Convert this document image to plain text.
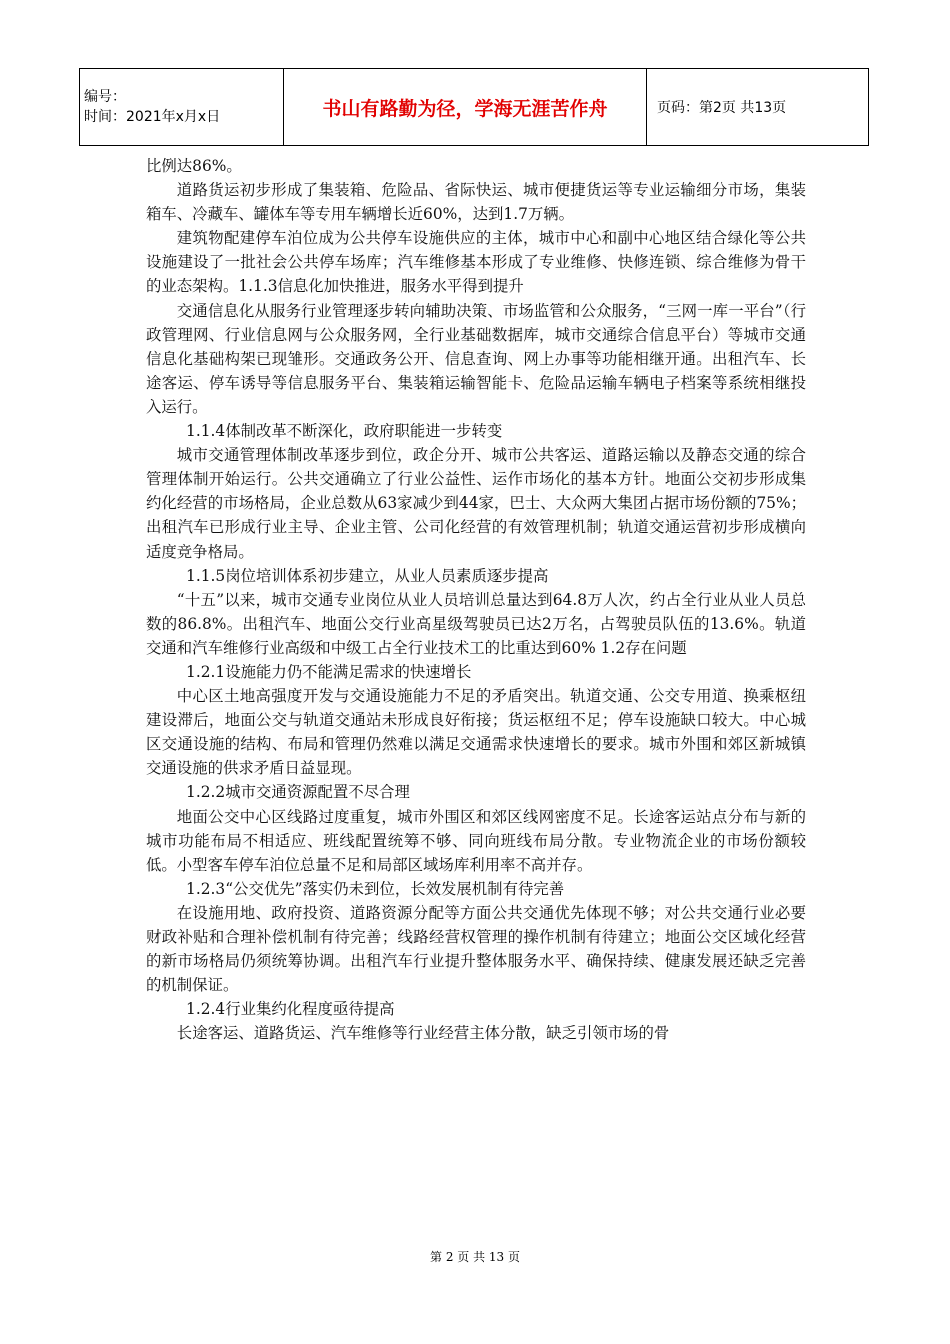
编号：
时间：2021年x月x日	书山有路勤为径，学海无涯苦作舟	页码：第2页 共13页

比例达86%。

道路货运初步形成了集装箱、危险品、省际快运、城市便捷货运等专业运输细分市场，集装箱车、冷藏车、罐体车等专用车辆增长近60%，达到1.7万辆。

建筑物配建停车泊位成为公共停车设施供应的主体，城市中心和副中心地区结合绿化等公共设施建设了一批社会公共停车场库；汽车维修基本形成了专业维修、快修连锁、综合维修为骨干的业态架构。1.1.3信息化加快推进，服务水平得到提升

交通信息化从服务行业管理逐步转向辅助决策、市场监管和公众服务，“三网一库一平台”（行政管理网、行业信息网与公众服务网，全行业基础数据库，城市交通综合信息平台）等城市交通信息化基础构架已现雏形。交通政务公开、信息查询、网上办事等功能相继开通。出租汽车、长途客运、停车诱导等信息服务平台、集装箱运输智能卡、危险品运输车辆电子档案等系统相继投入运行。

1.1.4体制改革不断深化，政府职能进一步转变

城市交通管理体制改革逐步到位，政企分开、城市公共客运、道路运输以及静态交通的综合管理体制开始运行。公共交通确立了行业公益性、运作市场化的基本方针。地面公交初步形成集约化经营的市场格局，企业总数从63家减少到44家，巴士、大众两大集团占据市场份额的75%；出租汽车已形成行业主导、企业主管、公司化经营的有效管理机制；轨道交通运营初步形成横向适度竞争格局。

1.1.5岗位培训体系初步建立，从业人员素质逐步提高

“十五”以来，城市交通专业岗位从业人员培训总量达到64.8万人次，约占全行业从业人员总数的86.8%。出租汽车、地面公交行业高星级驾驶员已达2万名，占驾驶员队伍的13.6%。轨道交通和汽车维修行业高级和中级工占全行业技术工的比重达到60% 1.2存在问题

1.2.1设施能力仍不能满足需求的快速增长

中心区土地高强度开发与交通设施能力不足的矛盾突出。轨道交通、公交专用道、换乘枢纽建设滞后，地面公交与轨道交通站未形成良好衔接；货运枢纽不足；停车设施缺口较大。中心城区交通设施的结构、布局和管理仍然难以满足交通需求快速增长的要求。城市外围和郊区新城镇交通设施的供求矛盾日益显现。

1.2.2城市交通资源配置不尽合理

地面公交中心区线路过度重复，城市外围区和郊区线网密度不足。长途客运站点分布与新的城市功能布局不相适应、班线配置统筹不够、同向班线布局分散。专业物流企业的市场份额较低。小型客车停车泊位总量不足和局部区域场库利用率不高并存。

1.2.3“公交优先”落实仍未到位，长效发展机制有待完善

在设施用地、政府投资、道路资源分配等方面公共交通优先体现不够；对公共交通行业必要财政补贴和合理补偿机制有待完善；线路经营权管理的操作机制有待建立；地面公交区域化经营的新市场格局仍须统筹协调。出租汽车行业提升整体服务水平、确保持续、健康发展还缺乏完善的机制保证。

1.2.4行业集约化程度亟待提高

长途客运、道路货运、汽车维修等行业经营主体分散，缺乏引领市场的骨

第 2 页 共 13 页
